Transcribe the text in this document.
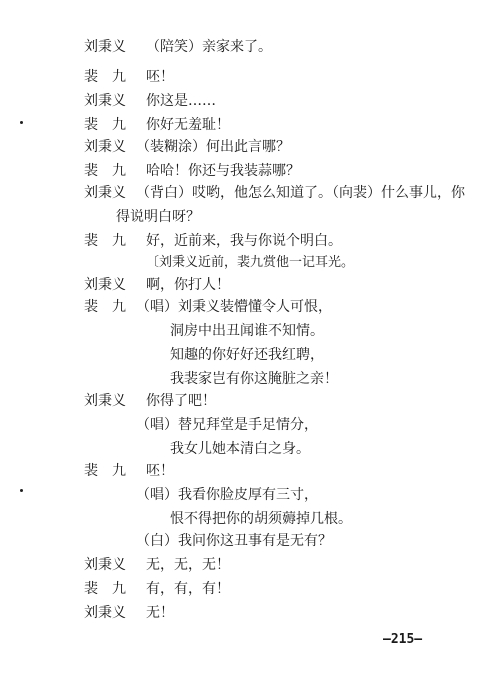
刘秉义	（陪笑）亲家来了。
裴　九	呸！
刘秉义	你这是……
裴　九	你好无羞耻！
刘秉义 （装糊涂）何出此言哪？
裴　九	哈哈！你还与我装蒜哪？
刘秉义 （背白）哎哟，他怎么知道了。（向裴）什么事儿，你
得说明白呀？
裴　九	好，近前来，我与你说个明白。
〔刘秉义近前，裴九赏他一记耳光。
刘秉义	啊，你打人！
裴　九 （唱）刘秉义装懵懂令人可恨，
洞房中出丑闻谁不知情。
知趣的你好好还我红聘，
我裴家岂有你这腌脏之亲！
刘秉义	你得了吧！
（唱）替兄拜堂是手足情分，
我女儿她本清白之身。
裴　九	呸！
（唱）我看你脸皮厚有三寸，
恨不得把你的胡须薅掉几根。
（白）我问你这丑事有是无有？
刘秉义	无，无，无！
裴　九	有，有，有！
刘秉义	无！
—215—
